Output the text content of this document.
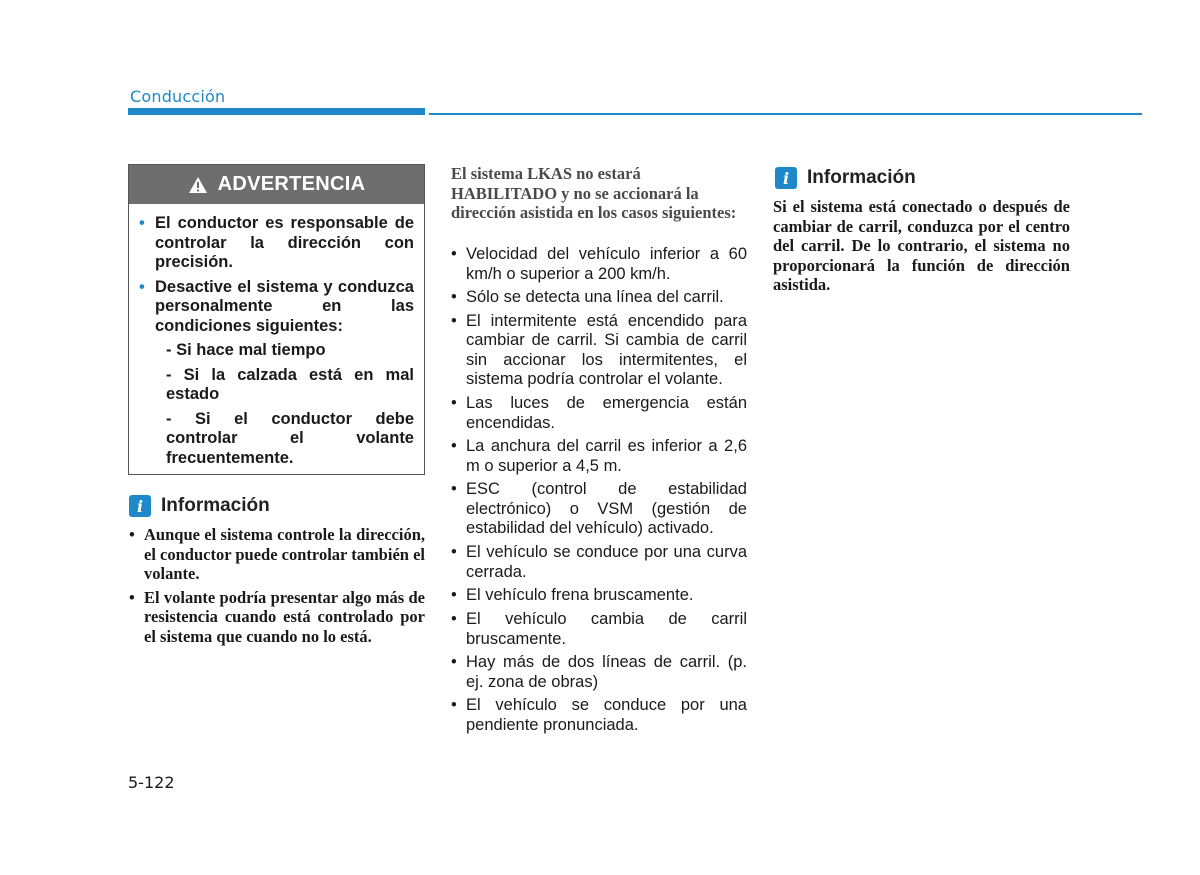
Conducción
ADVERTENCIA
• El conductor es responsable de controlar la dirección con precisión.
• Desactive el sistema y conduzca personalmente en las condiciones siguientes:
- Si hace mal tiempo
- Si la calzada está en mal estado
- Si el conductor debe controlar el volante frecuentemente.
i Información
• Aunque el sistema controle la dirección, el conductor puede controlar también el volante.
• El volante podría presentar algo más de resistencia cuando está controlado por el sistema que cuando no lo está.
El sistema LKAS no estará HABILITADO y no se accionará la dirección asistida en los casos siguientes:
• Velocidad del vehículo inferior a 60 km/h o superior a 200 km/h.
• Sólo se detecta una línea del carril.
• El intermitente está encendido para cambiar de carril. Si cambia de carril sin accionar los intermitentes, el sistema podría controlar el volante.
• Las luces de emergencia están encendidas.
• La anchura del carril es inferior a 2,6 m o superior a 4,5 m.
• ESC (control de estabilidad electrónico) o VSM (gestión de estabilidad del vehículo) activado.
• El vehículo se conduce por una curva cerrada.
• El vehículo frena bruscamente.
• El vehículo cambia de carril bruscamente.
• Hay más de dos líneas de carril. (p. ej. zona de obras)
• El vehículo se conduce por una pendiente pronunciada.
i Información
Si el sistema está conectado o después de cambiar de carril, conduzca por el centro del carril. De lo contrario, el sistema no proporcionará la función de dirección asistida.
5-122
